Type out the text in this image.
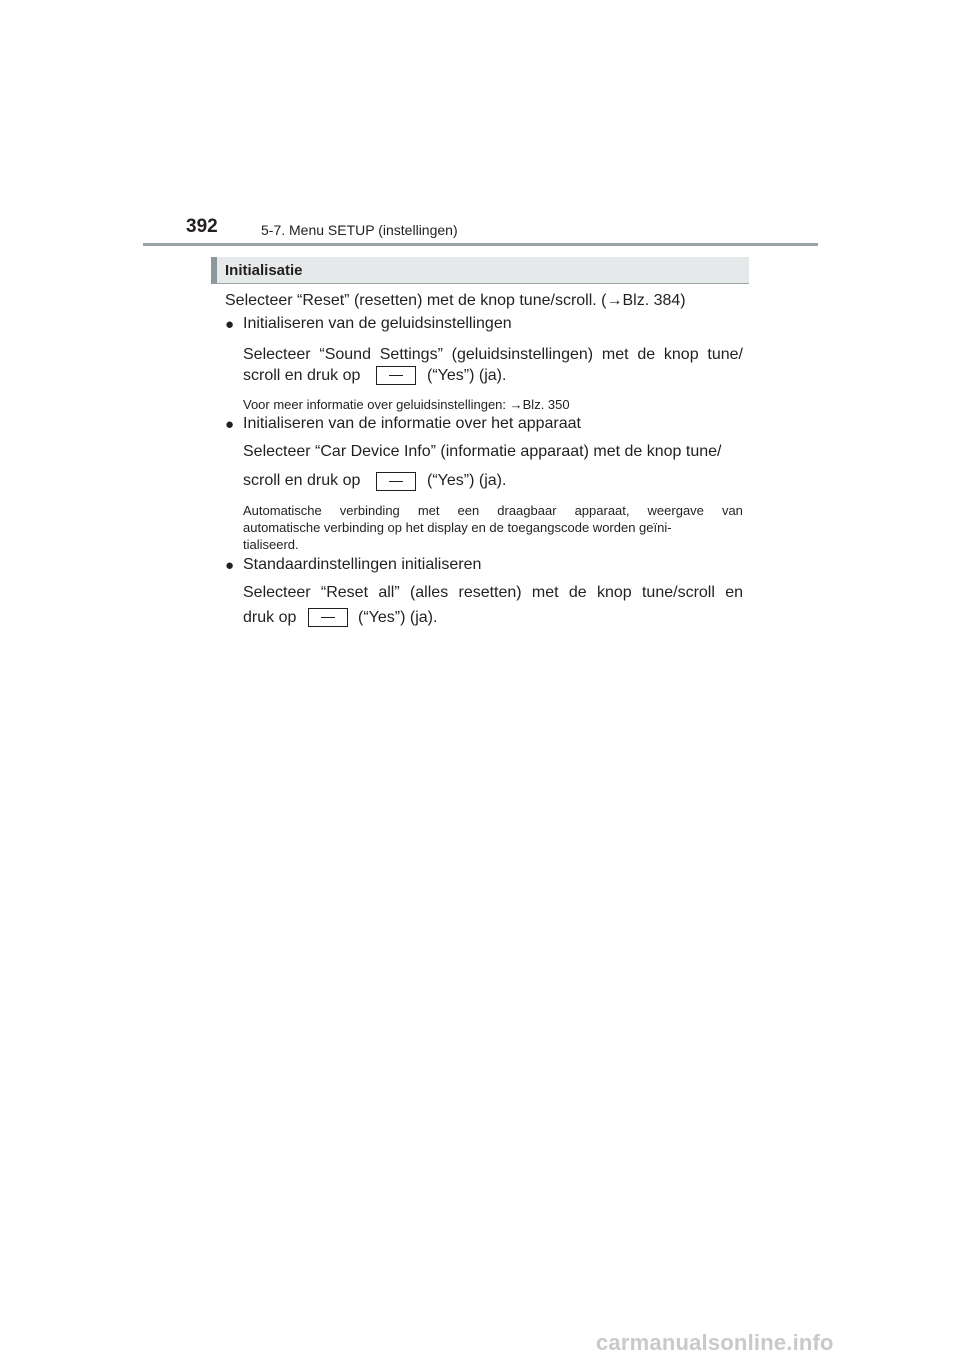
392	5-7. Menu SETUP (instellingen)
Initialisatie
Selecteer “Reset” (resetten) met de knop tune/scroll. (→Blz. 384)
● Initialiseren van de geluidsinstellingen
Selecteer “Sound Settings” (geluidsinstellingen) met de knop tune/
scroll en druk op	(“Yes”) (ja).
Voor meer informatie over geluidsinstellingen: →Blz. 350
● Initialiseren van de informatie over het apparaat
Selecteer “Car Device Info” (informatie apparaat) met de knop tune/
scroll en druk op	(“Yes”) (ja).
Automatische verbinding met een draagbaar apparaat, weergave van
automatische verbinding op het display en de toegangscode worden geïni-
tialiseerd.
● Standaardinstellingen initialiseren
Selecteer “Reset all” (alles resetten) met de knop tune/scroll en
druk op	(“Yes”) (ja).
carmanualsonline.info
